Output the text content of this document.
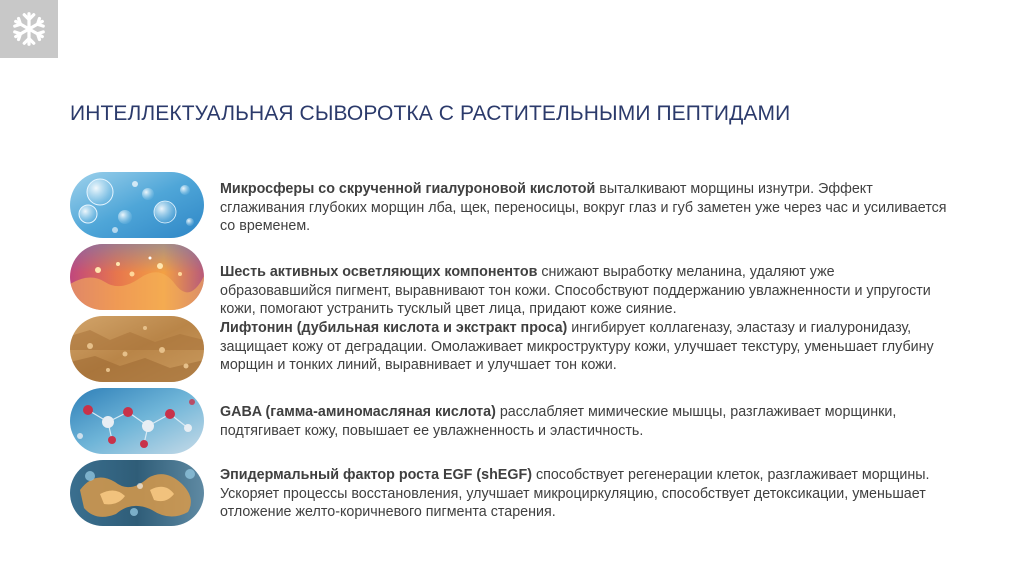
ИНТЕЛЛЕКТУАЛЬНАЯ СЫВОРОТКА С РАСТИТЕЛЬНЫМИ ПЕПТИДАМИ
Микросферы со скрученной гиалуроновой кислотой выталкивают морщины изнутри. Эффект сглаживания глубоких морщин лба, щек, переносицы, вокруг глаз и губ заметен уже через час и усиливается со временем.
Шесть активных осветляющих компонентов снижают выработку меланина, удаляют уже образовавшийся пигмент, выравнивают тон кожи. Способствуют поддержанию увлажненности и упругости кожи, помогают устранить тусклый цвет лица, придают коже сияние.
Лифтонин (дубильная кислота и экстракт проса) ингибирует коллагеназу, эластазу и гиалуронидазу, защищает кожу от деградации. Омолаживает микроструктуру кожи, улучшает текстуру, уменьшает глубину морщин и тонких линий, выравнивает и улучшает тон кожи.
GABA (гамма-аминомасляная кислота) расслабляет мимические мышцы, разглаживает морщинки, подтягивает кожу, повышает ее увлажненность и эластичность.
Эпидермальный фактор роста EGF (shEGF) способствует регенерации клеток, разглаживает морщины. Ускоряет процессы восстановления, улучшает микроциркуляцию, способствует детоксикации, уменьшает отложение желто-коричневого пигмента старения.
